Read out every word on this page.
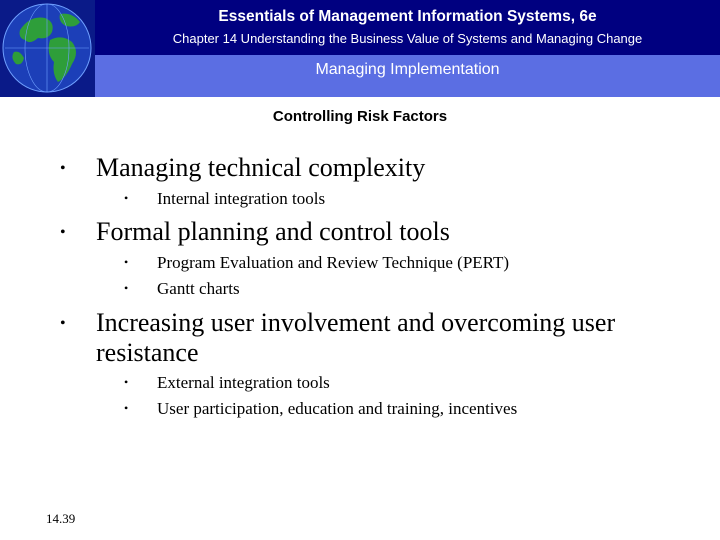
Essentials of Management Information Systems, 6e
Chapter 14 Understanding the Business Value of Systems and Managing Change
Managing Implementation
Controlling Risk Factors
• Managing technical complexity
• Internal integration tools
• Formal planning and control tools
• Program Evaluation and Review Technique (PERT)
• Gantt charts
• Increasing user involvement and overcoming user resistance
• External integration tools
• User participation, education and training, incentives
14.39
